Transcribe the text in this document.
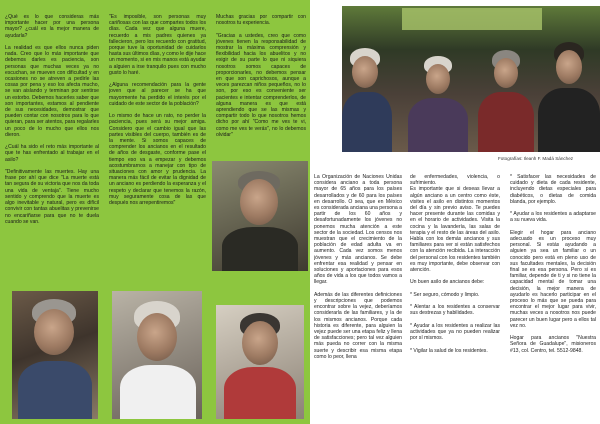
¿Qué es lo que consideras más importante hacer por una persona mayor? ¿cuál es la mejor manera de ayudarla?

La realidad es que ellos nunca piden nada. Creo que lo más importante que debemos darles es paciencia, son personas que muchas veces ya no escuchan, se mueven con dificultad y en ocasiones no se atreven a pedirle las cosas por pena y eso los afecta mucho, se van aislando y terminan por sentirse un estorbo. Debemos hacerles saber que son importantes, estamos al pendiente de sus necesidades, demostrar que pueden contar con nosotros para lo que quieran, para ser atentos, para regalarles un poco de lo mucho que ellos nos dieron.

¿Cuál ha sido el reto más importante al que te has enfrentado al trabajar en el asilo?

"Definitivamente las muertes. Hay una frase por ahí que dice "La muerte está tan segura de su victoria que nos da toda una vida de ventaja". Tiene mucho sentido y comprendo que la muerte es algo inevitable y natural, pero es difícil convivir con tantas abuelitas y prevenirse no encariñarse para que no te duela cuando se van.
"Es imposible, son personas muy cariñosas con las que compartes todos los días. Cada vez que alguna muere, recuerdo a mis padres quienes ya fallecieron, pero los recuerdo con gratitud, porque tuve la oportunidad de cuidarlos hasta sus últimos días, y como le dije hace un momento, si en mis manos está ayudar a alguien a irse tranquilo pues con mucho gusto lo haré.

¿Alguna recomendación para la gente joven que al parecer se ha que mayormente ha perdido el interés por el cuidado de este sector de la población?

Lo mismo de hace un rato, no perder la paciencia, pues será su mejor amiga. Considero que el cambio igual que las partes visibles del cuerpo, también es de la mente. Si somos capaces de comprender los ancianos en el resultado de años de desgaste, conforme pase el tiempo eso va a empezar y debemos acostumbrarnos a manejar con tipo de situaciones con amor y prudencia. La manera más fácil de evitar la dignidad de un anciano es perdiendo la esperanza y el respeto y declarar que tenemos la razón, muy seguramente cosa de las que después nos arrepentiremos"
Muchas gracias por compartir con nosotros tu experiencia.

"Gracias a ustedes, creo que como jóvenes tienen la responsabilidad de mostrar la máxima comprensión y flexibilidad hacia los abuelitos y no exigir de su parte lo que ni siquiera nosotros somos capaces de proporcionarles, no debemos pensar en que son caprichosos, aunque a veces parezcan niños pequeños, no lo son, por eso es conveniente ser pacientes e intentar comprenderlos, de alguna manera es que está aprendiendo que se las mismas y compartir todo lo que nosotros hemos dicho por ahí "Como me ves te vi, como me ves te verás", no lo debemos olvidar"
Fotografías: Ileanh F. Madá Sánchez
La Organización de Naciones Unidas considera anciano a toda persona mayor de 65 años para los países desarrollados y de 60 para los países en desarrollo. O sea, que en México es considerada anciana una persona a partir de los 60 años y desafortunadamente los jóvenes no ponemos mucha atención a este sector de la sociedad. Los censos nos muestran que el crecimiento de la población de edad adulta va en aumento. Cada vez somos menos jóvenes y más ancianos. Se debe enfrentar esa realidad y pensar en soluciones y aportaciones para esos años de vida a los que todos vamos a llegar.

Además de las diferentes definiciones y descripciones que podemos encontrar sobre la vejez, deberíamos considerarla de las familiares, y la de los mismos ancianos. Porque cada historia es diferente, para alguien la vejez puede ser una etapa feliz y llena de satisfacciones; pero tal vez alguien más pueda no correr con la misma suerte y describir esa misma etapa como lo peor, llena
de enfermedades, violencia, o sufrimiento.
Es importante que si deseas llevar a algún anciano a un centro como éste, visites el asilo en distintos momentos del día y sin previo aviso. Te puedes hacer presente durante las comidas y en el horario de actividades. Visita la cocina y la lavandería, las salas de terapia y el resto de las áreas del asilo. Habla con los demás ancianos y sus familiares para ver si están satisfechos con la atención recibida. La interacción del personal con los residentes también es muy importante, debe observar con atención.

Un buen asilo de ancianos debe:

* Ser seguro, cómodo y limpio.

* Alentar a los residentes a conservar sus destrezas y habilidades.

* Ayudar a los residentes a realizar las actividades que ya no pueden realizar por sí mismos.

* Vigilar la salud de los residentes.
* Satisfacer las necesidades de cuidado y dieta de cada residente, incluyendo dietas especiales para diabéticos, o dietas de comida blanda, por ejemplo.

* Ayudar a los residentes a adaptarse a su nueva vida.

Elegir el hogar para anciano adecuado es un proceso muy personal. Si estás ayudando a alguien ya sea un familiar o un conocido pero está en pleno uso de sus facultades mentales, la decisión final se es esa persona. Pero si es familiar, depende de ti y si no tiene la capacidad mental de tomar una decisión, la mejor manera de ayudarlo es hacerlo participar en el proceso lo más que se pueda para encontrar el mejor lugar para vivir, muchas veces a nosotros nos puede parecer un buen lugar pero a ellos tal vez no.

Hogar para ancianos "Nuestra Señora de Guadalupe", misioneros #13, col. Centro, tel. 5512-9848.
